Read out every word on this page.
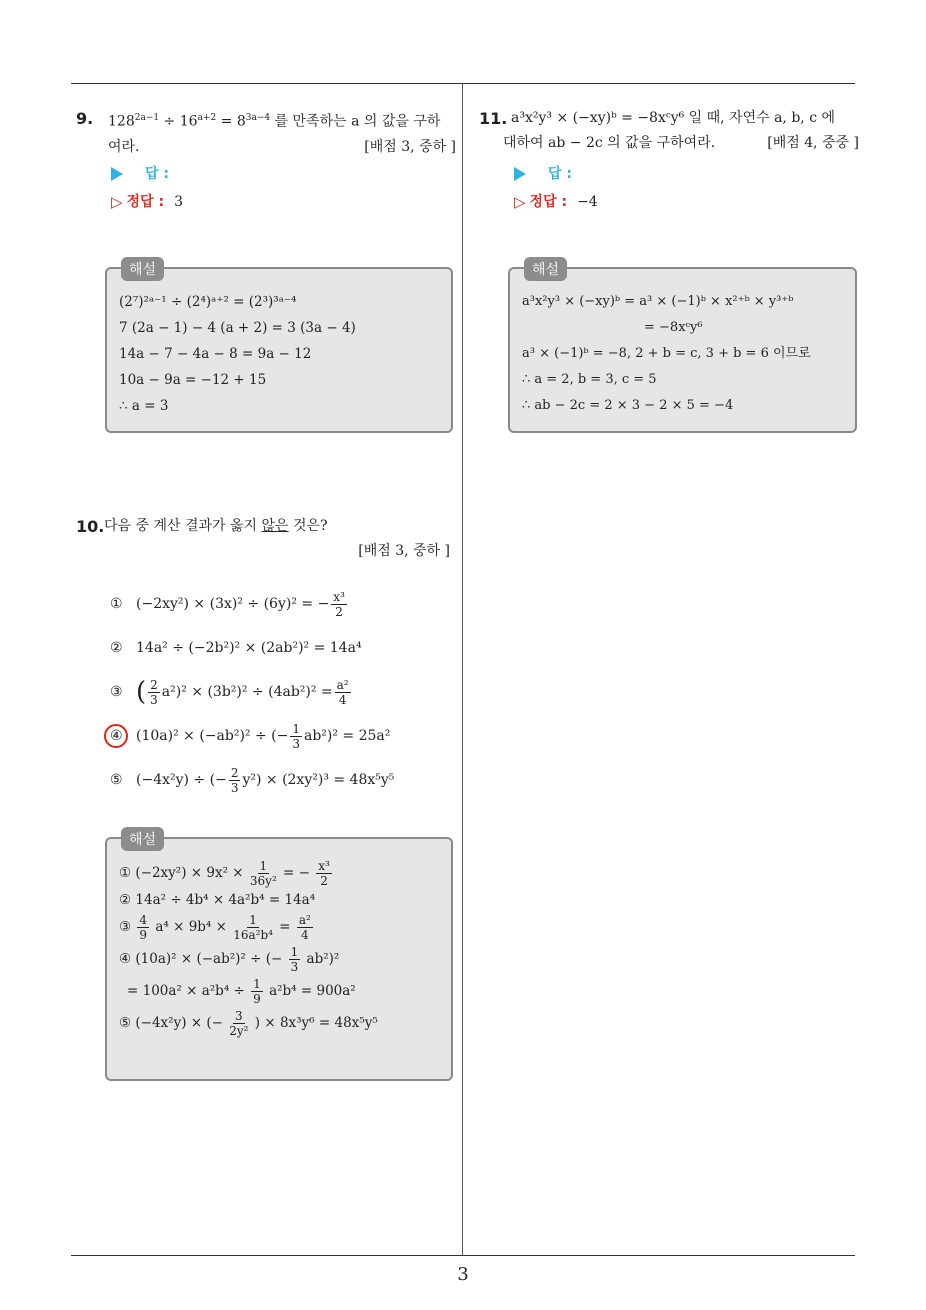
3
9. $128^{2a-1} \div 16^{a+2} = 8^{3a-4}$ 를 만족하는 a 의 값을 구하
여라.	[배점 3, 중하 ]
답 :
▷ 정답 : 3
해설
(2⁷)²ᵃ⁻¹ ÷ (2⁴)ᵃ⁺² = (2³)³ᵃ⁻⁴
7 (2a − 1) − 4 (a + 2) = 3 (3a − 4)
14a − 7 − 4a − 8 = 9a − 12
10a − 9a = −12 + 15
∴ a = 3
11. a³x²y³ × (−xy)ᵇ = −8xᶜy⁶ 일 때, 자연수 a, b, c 에
대하여 ab − 2c 의 값을 구하여라.	[배점 4, 중중 ]
답 :
▷ 정답 : −4
해설
a³x²y³ × (−xy)ᵇ = a³ × (−1)ᵇ × x²⁺ᵇ × y³⁺ᵇ
= −8xᶜy⁶
a³ × (−1)ᵇ = −8, 2 + b = c, 3 + b = 6 이므로
∴ a = 2, b = 3, c = 5
∴ ab − 2c = 2 × 3 − 2 × 5 = −4
10. 다음 중 계산 결과가 옳지 않은 것은?
[배점 3, 중하 ]
① (−2xy²) × (3x)² ÷ (6y)² = − $\frac{\text{x³}}{2}$
② 14a² ÷ (−2b²)² × (2ab²)² = 14a⁴
③ ( $\frac{2}{3} a^2)^2 \times (3b^2)^2 \div (4ab^2)^2 = \frac{\text{a²}}{4}$
④ (10a)² × (−ab²)² ÷ (− $\frac{1}{3} ab^2)^2 = 25a^2$
⑤ (−4x²y) ÷ (− $\frac{2}{3} y^2) \times (2xy^2)^3 = 48x^5y^5$
해설
① $(-2xy^2) \times 9x^2 \times \frac{1}{\text{36y²}}$ = − $\frac{\text{x³}}{2}$
② 14a² ÷ 4b⁴ × 4a²b⁴ = 14a⁴
③ $\frac{4}{9} a^4 \times 9b^4 \times \frac{1}{\text{16a²b⁴}} = \frac{\text{a²}}{4}$
④ (10a)² × (−ab²)² ÷ (− $\frac{1}{3} ab^2)^2$
= $100a^2 \times a^2b^4 \div \frac{1}{9} a^2b^4 = 900a^2$
⑤ (−4x²y) × (− $\frac{3}{\text{2y²}}$ ) × 8x³y⁶ = 48x⁵y⁵
